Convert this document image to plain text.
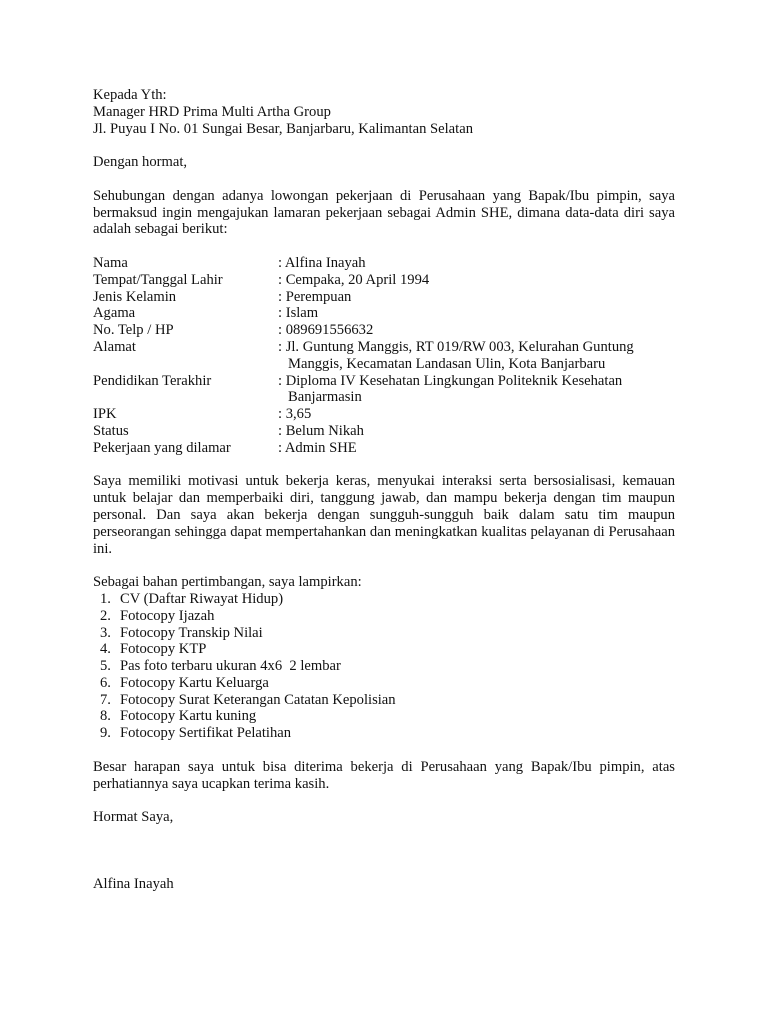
Kepada Yth:
Manager HRD Prima Multi Artha Group
Jl. Puyau I No. 01 Sungai Besar, Banjarbaru, Kalimantan Selatan
Dengan hormat,
Sehubungan dengan adanya lowongan pekerjaan di Perusahaan yang Bapak/Ibu pimpin, saya bermaksud ingin mengajukan lamaran pekerjaan sebagai Admin SHE, dimana data-data diri saya adalah sebagai berikut:
Nama	: Alfina Inayah
Tempat/Tanggal Lahir	: Cempaka, 20 April 1994
Jenis Kelamin	: Perempuan
Agama	: Islam
No. Telp / HP	: 089691556632
Alamat	: Jl. Guntung Manggis, RT 019/RW 003, Kelurahan Guntung
Manggis, Kecamatan Landasan Ulin, Kota Banjarbaru
Pendidikan Terakhir	: Diploma IV Kesehatan Lingkungan Politeknik Kesehatan
Banjarmasin
IPK	: 3,65
Status	: Belum Nikah
Pekerjaan yang dilamar	: Admin SHE
Saya memiliki motivasi untuk bekerja keras, menyukai interaksi serta bersosialisasi, kemauan untuk belajar dan memperbaiki diri, tanggung jawab, dan mampu bekerja dengan tim maupun personal. Dan saya akan bekerja dengan sungguh-sungguh baik dalam satu tim maupun perseorangan sehingga dapat mempertahankan dan meningkatkan kualitas pelayanan di Perusahaan ini.
Sebagai bahan pertimbangan, saya lampirkan:
1. CV (Daftar Riwayat Hidup)
2. Fotocopy Ijazah
3. Fotocopy Transkip Nilai
4. Fotocopy KTP
5. Pas foto terbaru ukuran 4x6  2 lembar
6. Fotocopy Kartu Keluarga
7. Fotocopy Surat Keterangan Catatan Kepolisian
8. Fotocopy Kartu kuning
9. Fotocopy Sertifikat Pelatihan
Besar harapan saya untuk bisa diterima bekerja di Perusahaan yang Bapak/Ibu pimpin, atas perhatiannya saya ucapkan terima kasih.
Hormat Saya,
Alfina Inayah
